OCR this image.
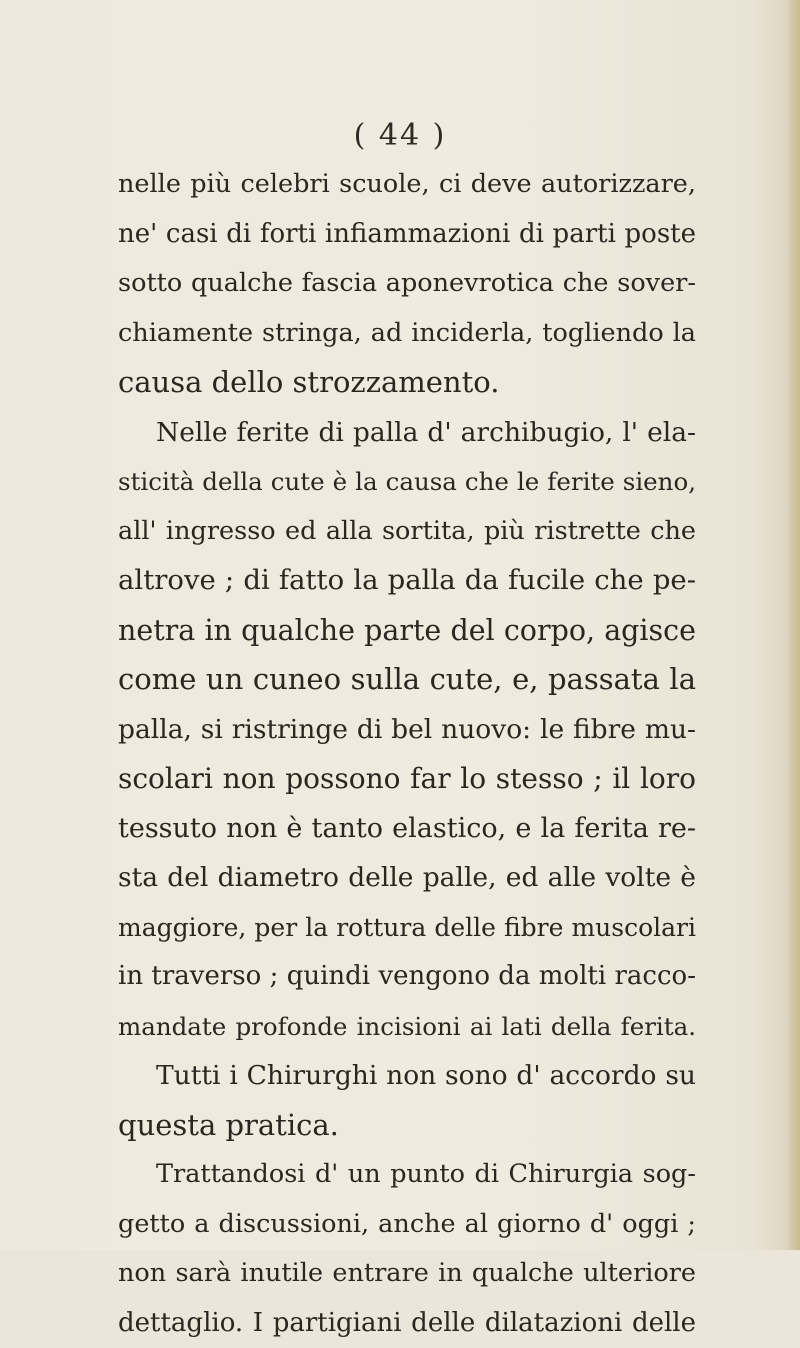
( 44 )
nelle più celebri scuole, ci deve autorizzare,
ne' casi di forti infiammazioni di parti poste
sotto qualche fascia aponevrotica che sover-
chiamente stringa, ad inciderla, togliendo la
causa dello strozzamento.
Nelle ferite di palla d' archibugio, l' ela-
sticità della cute è la causa che le ferite sieno,
all' ingresso ed alla sortita, più ristrette che
altrove ; di fatto la palla da fucile che pe-
netra in qualche parte del corpo, agisce
come un cuneo sulla cute, e, passata la
palla, si ristringe di bel nuovo: le fibre mu-
scolari non possono far lo stesso ; il loro
tessuto non è tanto elastico, e la ferita re-
sta del diametro delle palle, ed alle volte è
maggiore, per la rottura delle fibre muscolari
in traverso ; quindi vengono da molti racco-
mandate profonde incisioni ai lati della ferita.
Tutti i Chirurghi non sono d' accordo su
questa pratica.
Trattandosi d' un punto di Chirurgia sog-
getto a discussioni, anche al giorno d' oggi ;
non sarà inutile entrare in qualche ulteriore
dettaglio. I partigiani delle dilatazioni delle
